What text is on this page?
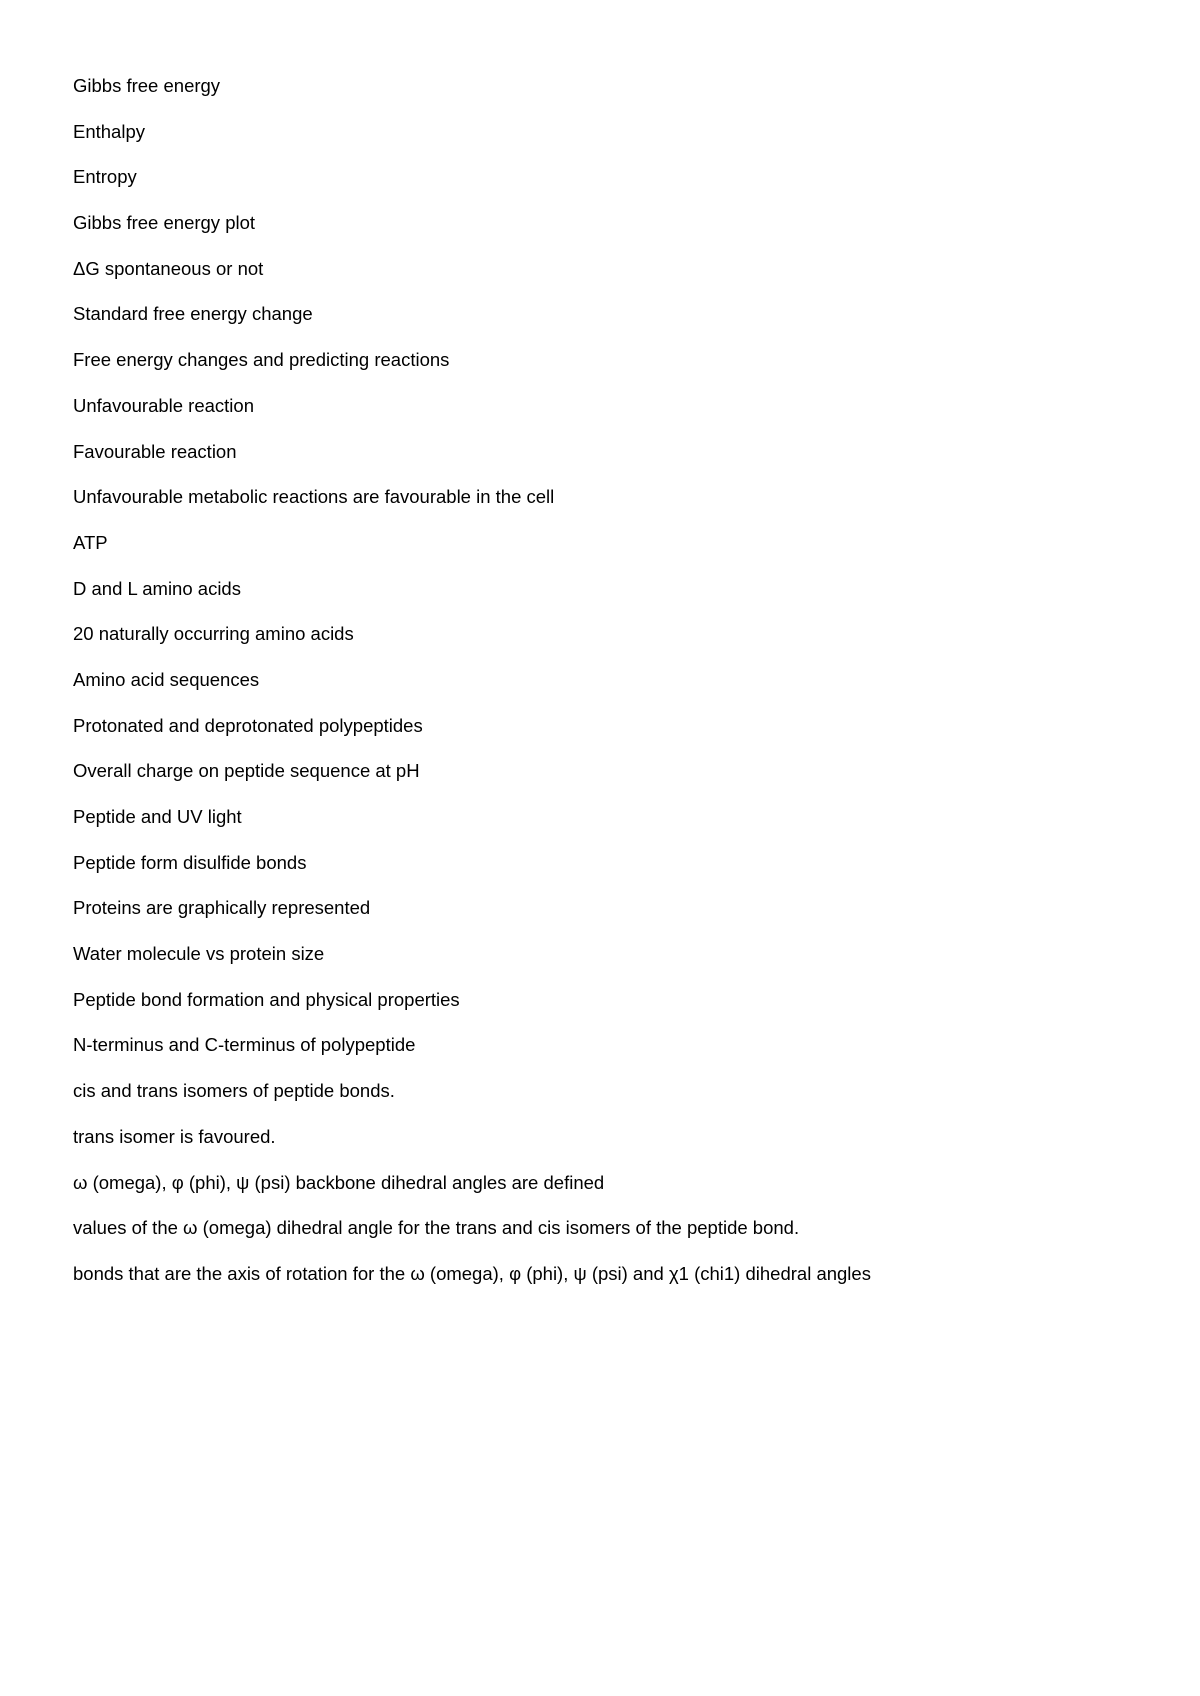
Gibbs free energy
Enthalpy
Entropy
Gibbs free energy plot
ΔG spontaneous or not
Standard free energy change
Free energy changes and predicting reactions
Unfavourable reaction
Favourable reaction
Unfavourable metabolic reactions are favourable in the cell
ATP
D and L amino acids
20 naturally occurring amino acids
Amino acid sequences
Protonated and deprotonated polypeptides
Overall charge on peptide sequence at pH
Peptide and UV light
Peptide form disulfide bonds
Proteins are graphically represented
Water molecule vs protein size
Peptide bond formation and physical properties
N-terminus and C-terminus of polypeptide
cis and trans isomers of peptide bonds.
trans isomer is favoured.
ω (omega), φ (phi), ψ (psi) backbone dihedral angles are defined
values of the ω (omega) dihedral angle for the trans and cis isomers of the peptide bond.
bonds that are the axis of rotation for the ω (omega), φ (phi), ψ (psi) and χ1 (chi1) dihedral angles
